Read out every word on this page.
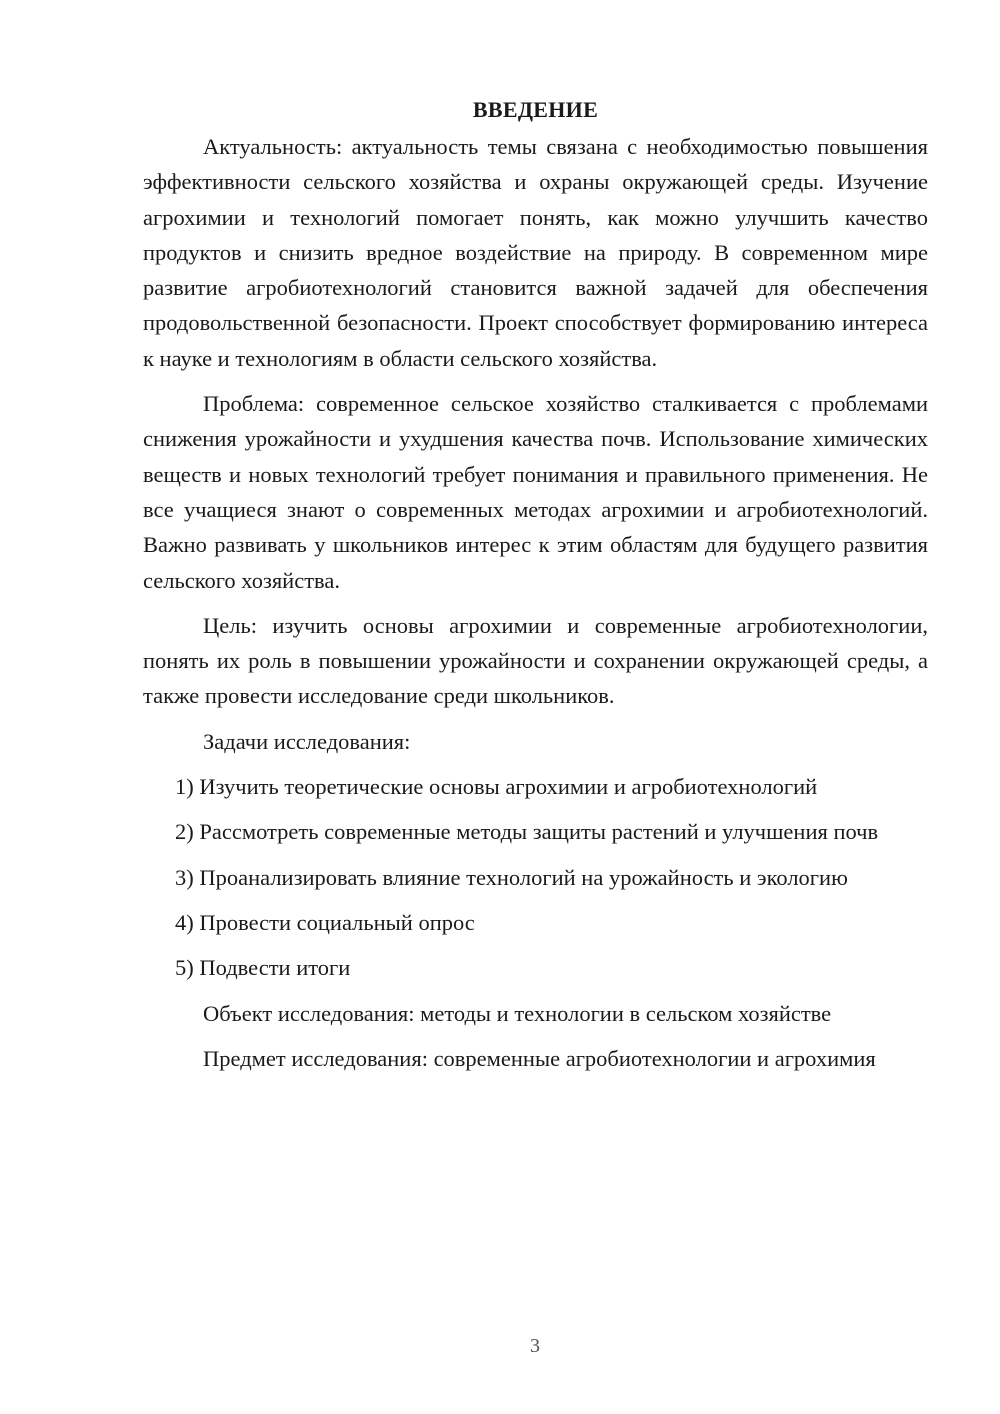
ВВЕДЕНИЕ

Актуальность: актуальность темы связана с необходимостью повышения эффективности сельского хозяйства и охраны окружающей среды. Изучение агрохимии и технологий помогает понять, как можно улучшить качество продуктов и снизить вредное воздействие на природу. В современном мире развитие агробиотехнологий становится важной задачей для обеспечения продовольственной безопасности. Проект способствует формированию интереса к науке и технологиям в области сельского хозяйства.

Проблема: современное сельское хозяйство сталкивается с проблемами снижения урожайности и ухудшения качества почв. Использование химических веществ и новых технологий требует понимания и правильного применения. Не все учащиеся знают о современных методах агрохимии и агробиотехнологий. Важно развивать у школьников интерес к этим областям для будущего развития сельского хозяйства.

Цель: изучить основы агрохимии и современные агробиотехнологии, понять их роль в повышении урожайности и сохранении окружающей среды, а также провести исследование среди школьников.

Задачи исследования:

1) Изучить теоретические основы агрохимии и агробиотехнологий

2) Рассмотреть современные методы защиты растений и улучшения почв

3) Проанализировать влияние технологий на урожайность и экологию

4) Провести социальный опрос

5) Подвести итоги

Объект исследования: методы и технологии в сельском хозяйстве

Предмет исследования: современные агробиотехнологии и агрохимия

3
